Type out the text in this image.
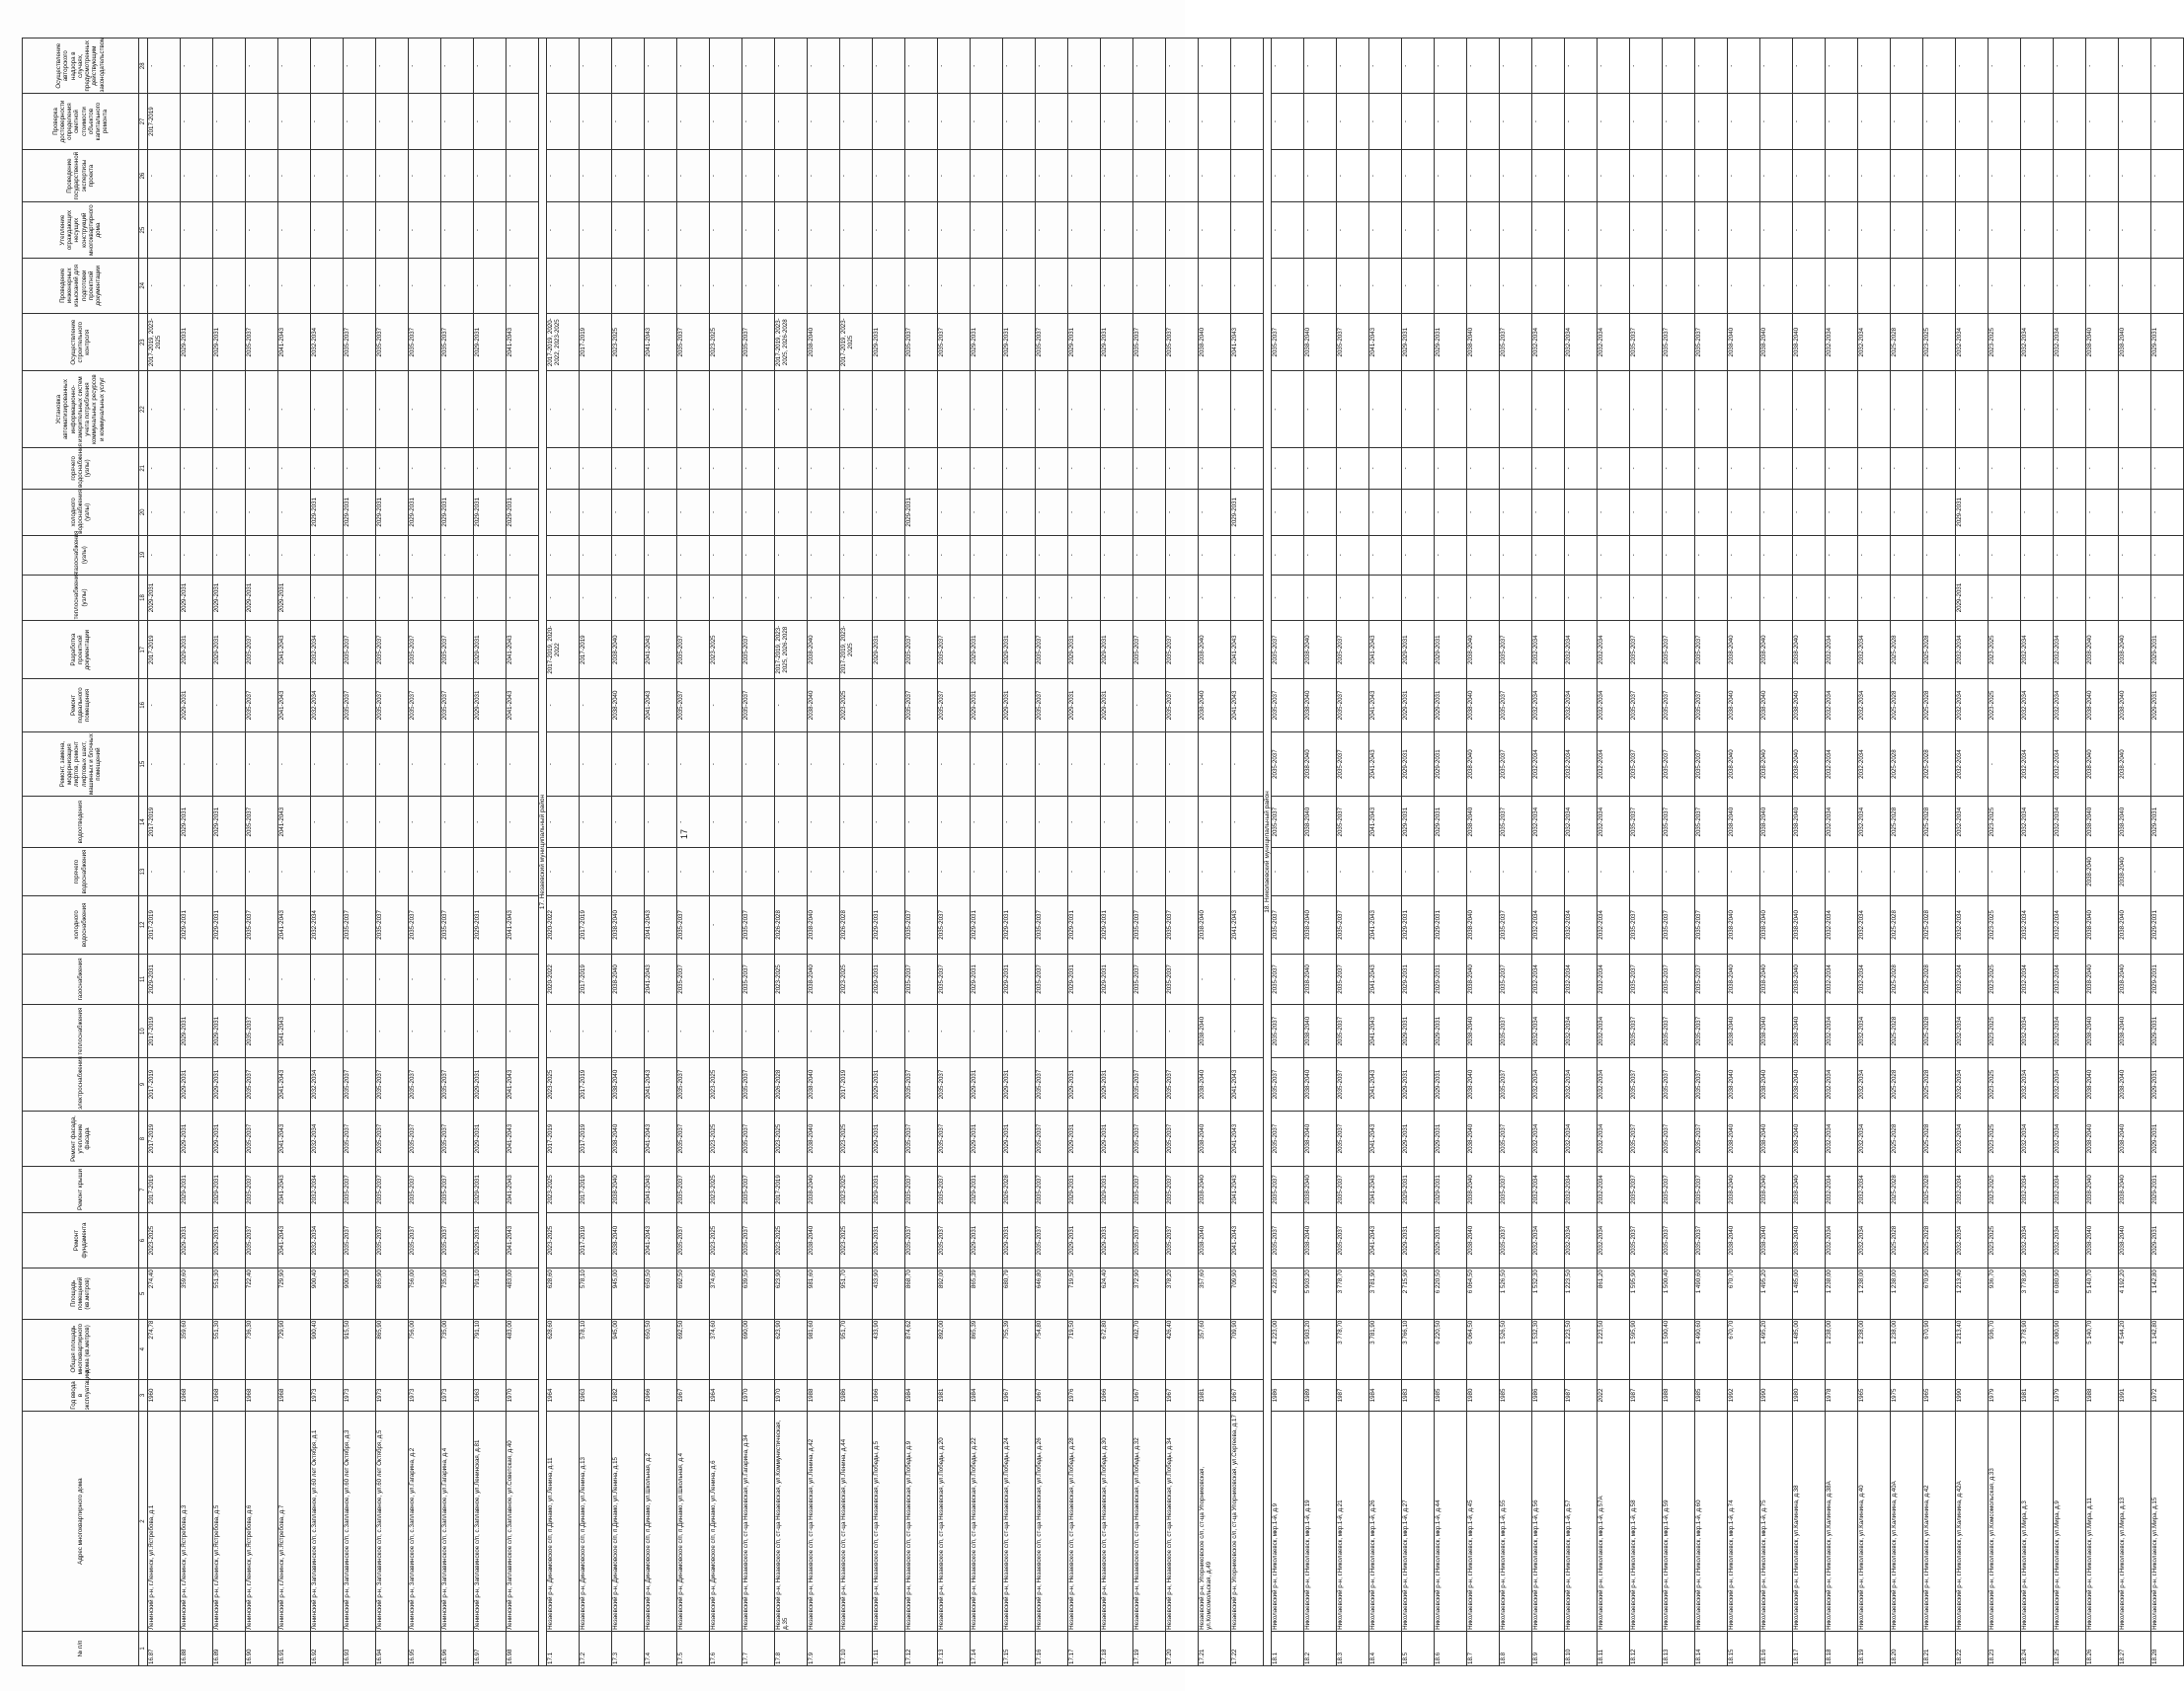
17
№ п/п	Адрес многоквартирного дома	Год ввода в эксплуатацию	Общая площадь многоквартирного дома (кв.метров)	Площадь помещений (кв.метров)	Ремонт фундамента	Ремонт крыши	Ремонт фасада, утепление фасада	электроснабжения	теплоснабжения	газоснабжения	холодного водоснабжения	горячего водоснабжения	водоотведения	Ремонт, замена, модернизация лифтов, ремонт лифтовых шахт, машинных и блочных помещений	Ремонт подвального помещения	Разработка проектной документации	теплоснабжения (узлы)	газоснабжения (узлы)	холодного водоснабжения (узлы)	горячего водоснабжения (узлы)	Установка автоматизированных информационно-измерительных систем учета потребления коммунальных ресурсов и коммунальных услуг	Осуществление строительного контроля	Проведение инженерных изысканий для подготовки проектной документации	Утепление ограждающих несущих конструкций многоквартирного дома	Проведение государственной экспертизы проекта	Проверка достоверности определения сметной стоимости объектов капитального ремонта	Осуществление авторского надзора в случаях, предусмотренных действующим законодательством
1	2	3	4	5	6	7	8	9	10	11	12	13	14	15	16	17	18	19	20	21	22	23	24	25	26	27	28
16.87	Ленинский р-н, г.Ленинск, ул.Ястребова, д.1	1960	274,78	274,40	2023-2025	2017-2019	2017-2019	2017-2019	2017-2019	2029-2031	2017-2019	-	2017-2019	-	-	2017-2019	2029-2031	-	-	-	-	2017-2019, 2023-2025	-	-	-	2017-2019	-
16.88	Ленинский р-н, г.Ленинск, ул.Ястребова, д.3	1968	359,60	359,60	2029-2031	2029-2031	2029-2031	2029-2031	2029-2031	-	2029-2031	-	2029-2031	-	2029-2031	2029-2031	2029-2031	-	-	-	-	2029-2031	-	-	-	-	-
16.89	Ленинский р-н, г.Ленинск, ул.Ястребова, д.5	1968	551,30	551,30	2029-2031	2029-2031	2029-2031	2029-2031	2029-2031	-	2029-2031	-	2029-2031	-	-	2029-2031	2029-2031	-	-	-	-	2029-2031	-	-	-	-	-
16.90	Ленинский р-н, г.Ленинск, ул.Ястребова, д.6	1968	736,30	722,40	2035-2037	2035-2037	2035-2037	2035-2037	2035-2037	-	2035-2037	-	2035-2037	-	2035-2037	2035-2037	2029-2031	-	-	-	-	2035-2037	-	-	-	-	-
16.91	Ленинский р-н, г.Ленинск, ул.Ястребова, д.7	1968	729,90	729,90	2041-2043	2041-2043	2041-2043	2041-2043	2041-2043	-	2041-2043	-	2041-2043	-	2041-2043	2041-2043	2029-2031	-	-	-	-	2041-2043	-	-	-	-	-
16.92	Ленинский р-н, Заплавинское с/п, с.Заплавное, ул.60 лет Октября, д.1	1973	900,40	900,40	2032-2034	2032-2034	2032-2034	2032-2034	-	-	2032-2034	-	-	-	2032-2034	2032-2034	-	-	2029-2031	-	-	2032-2034	-	-	-	-	-
16.93	Ленинский р-н, Заплавинское с/п, с.Заплавное, ул.60 лет Октября, д.3	1973	915,50	900,30	2035-2037	2035-2037	2035-2037	2035-2037	-	-	2035-2037	-	-	-	2035-2037	2035-2037	-	-	2029-2031	-	-	2035-2037	-	-	-	-	-
16.94	Ленинский р-н, Заплавинское с/п, с.Заплавное, ул.60 лет Октября, д.5	1973	865,90	865,90	2035-2037	2035-2037	2035-2037	2035-2037	-	-	2035-2037	-	-	-	2035-2037	2035-2037	-	-	2029-2031	-	-	2035-2037	-	-	-	-	-
16.95	Ленинский р-н, Заплавинское с/п, с.Заплавное, ул.Гагарина, д.2	1973	756,00	756,00	2035-2037	2035-2037	2035-2037	2035-2037	-	-	2035-2037	-	-	-	2035-2037	2035-2037	-	-	2029-2031	-	-	2035-2037	-	-	-	-	-
16.96	Ленинский р-н, Заплавинское с/п, с.Заплавное, ул.Гагарина, д.4	1973	735,00	735,00	2035-2037	2035-2037	2035-2037	2035-2037	-	-	2035-2037	-	-	-	2035-2037	2035-2037	-	-	2029-2031	-	-	2035-2037	-	-	-	-	-
16.97	Ленинский р-н, Заплавинское с/п, с.Заплавное, ул.Ленинская, д.81	1963	791,10	791,10	2029-2031	2029-2031	2029-2031	2029-2031	-	-	2029-2031	-	-	-	2029-2031	2029-2031	-	-	2029-2031	-	-	2029-2031	-	-	-	-	-
16.98	Ленинский р-н, Заплавинское с/п, с.Заплавное, ул.Советская, д.40	1970	483,00	483,00	2041-2043	2041-2043	2041-2043	2041-2043	-	-	2041-2043	-	-	-	2041-2043	2041-2043	-	-	2029-2031	-	-	2041-2043	-	-	-	-	-
17. Незаевский муниципальный район																											
17.1	Незаевский р-н, Динамовское с/п, п.Динамо, ул.Ленина, д.11	1964	628,60	628,60	2023-2025	2023-2025	2017-2019	2023-2025	-	2020-2022	2020-2022	-	-	-	-	2017-2019, 2020-2022	-	-	-	-	-	2017-2019, 2020-2022, 2023-2025	-	-	-	-	-
17.2	Незаевский р-н, Динамовское с/п, п.Динамо, ул.Ленина, д.13	1963	578,10	578,10	2017-2019	2017-2019	2017-2019	2017-2019	-	2017-2019	2017-2019	-	-	-	-	2017-2019	-	-	-	-	-	2017-2019	-	-	-	-	-
17.3	Незаевский р-н, Динамовское с/п, п.Динамо, ул.Ленина, д.15	1982	945,00	945,00	2038-2040	2038-2040	2038-2040	2038-2040	-	2038-2040	2038-2040	-	-	-	2038-2040	2038-2040	-	-	-	-	-	2023-2025	-	-	-	-	-
17.4	Незаевский р-н, Динамовское с/п, п.Динамо, ул.Школьная, д.2	1966	650,50	650,50	2041-2043	2041-2043	2041-2043	2041-2043	-	2041-2043	2041-2043	-	-	-	2041-2043	2041-2043	-	-	-	-	-	2041-2043	-	-	-	-	-
17.5	Незаевский р-н, Динамовское с/п, п.Динамо, ул.Школьная, д.4	1967	692,50	692,50	2035-2037	2035-2037	2035-2037	2035-2037	-	2035-2037	2035-2037	-	-	-	2035-2037	2035-2037	-	-	-	-	-	2035-2037	-	-	-	-	-
17.6	Незаевский р-н, Динамовское с/п, п.Динамо, ул.Ленина, д.6	1964	374,60	374,60	2023-2025	2023-2025	2023-2025	2023-2025	-	-	-	-	-	-	-	2023-2025	-	-	-	-	-	2023-2025	-	-	-	-	-
17.7	Незаевский р-н, Незаевское с/п, ст-ца Незаевская, ул.Гагарина, д.34	1970	690,00	639,50	2035-2037	2035-2037	2035-2037	2035-2037	-	2035-2037	2035-2037	-	-	-	2035-2037	2035-2037	-	-	-	-	-	2035-2037	-	-	-	-	-
17.8	Незаевский р-н, Незаевское с/п, ст-ца Незаевская, ул.Коммунистическая, д.35	1970	623,90	623,90	2023-2025	2017-2019	2023-2025	2026-2028	-	2023-2025	2026-2028	-	-	-	-	2017-2019, 2023-2025, 2026-2028	-	-	-	-	-	2017-2019, 2023-2025, 2026-2028	-	-	-	-	-
17.9	Незаевский р-н, Незаевское с/п, ст-ца Незаевская, ул.Ленина, д.42	1988	981,60	981,60	2038-2040	2038-2040	2038-2040	2038-2040	-	2038-2040	2038-2040	-	-	-	2038-2040	2038-2040	-	-	-	-	-	2038-2040	-	-	-	-	-
17.10	Незаевский р-н, Незаевское с/п, ст-ца Незаевская, ул.Ленина, д.44	1986	951,70	951,70	2023-2025	2023-2025	2023-2025	2017-2019	-	2023-2025	2026-2028	-	-	-	2023-2025	2017-2019, 2023-2025	-	-	-	-	-	2017-2019, 2023-2025	-	-	-	-	-
17.11	Незаевский р-н, Незаевское с/п, ст-ца Незаевская, ул.Победы, д.5	1966	433,90	433,90	2029-2031	2029-2031	2029-2031	2029-2031	-	2029-2031	2029-2031	-	-	-	-	2029-2031	-	-	-	-	-	2029-2031	-	-	-	-	-
17.12	Незаевский р-н, Незаевское с/п, ст-ца Незаевская, ул.Победы, д.9	1984	874,62	868,70	2035-2037	2035-2037	2035-2037	2035-2037	-	2035-2037	2035-2037	-	-	-	2035-2037	2035-2037	-	-	2029-2031	-	-	2035-2037	-	-	-	-	-
17.13	Незаевский р-н, Незаевское с/п, ст-ца Незаевская, ул.Победы, д.20	1981	892,00	892,00	2035-2037	2035-2037	2035-2037	2035-2037	-	2035-2037	2035-2037	-	-	-	2035-2037	2035-2037	-	-	-	-	-	2035-2037	-	-	-	-	-
17.14	Незаевский р-н, Незаевское с/п, ст-ца Незаевская, ул.Победы, д.22	1984	865,39	865,39	2029-2031	2029-2031	2029-2031	2029-2031	-	2029-2031	2029-2031	-	-	-	2029-2031	2029-2031	-	-	-	-	-	2029-2031	-	-	-	-	-
17.15	Незаевский р-н, Незаевское с/п, ст-ца Незаевская, ул.Победы, д.24	1967	755,39	680,79	2029-2031	2026-2028	2029-2031	2029-2031	-	2029-2031	2029-2031	-	-	-	2029-2031	2029-2031	-	-	-	-	-	2029-2031	-	-	-	-	-
17.16	Незаевский р-н, Незаевское с/п, ст-ца Незаевская, ул.Победы, д.26	1967	754,80	646,80	2035-2037	2035-2037	2035-2037	2035-2037	-	2035-2037	2035-2037	-	-	-	2035-2037	2035-2037	-	-	-	-	-	2035-2037	-	-	-	-	-
17.17	Незаевский р-н, Незаевское с/п, ст-ца Незаевская, ул.Победы, д.28	1976	719,50	719,50	2029-2031	2029-2031	2029-2031	2029-2031	-	2029-2031	2029-2031	-	-	-	2029-2031	2029-2031	-	-	-	-	-	2029-2031	-	-	-	-	-
17.18	Незаевский р-н, Незаевское с/п, ст-ца Незаевская, ул.Победы, д.30	1966	672,80	624,40	2029-2031	2029-2031	2029-2031	2029-2031	-	2029-2031	2029-2031	-	-	-	2029-2031	2029-2031	-	-	-	-	-	2029-2031	-	-	-	-	-
17.19	Незаевский р-н, Незаевское с/п, ст-ца Незаевская, ул.Победы, д.32	1967	402,70	372,90	2035-2037	2035-2037	2035-2037	2035-2037	-	2035-2037	2035-2037	-	-	-	-	2035-2037	-	-	-	-	-	2035-2037	-	-	-	-	-
17.20	Незаевский р-н, Незаевское с/п, ст-ца Незаевская, ул.Победы, д.34	1967	426,40	378,20	2035-2037	2035-2037	2035-2037	2035-2037	-	2035-2037	2035-2037	-	-	-	2035-2037	2035-2037	-	-	-	-	-	2035-2037	-	-	-	-	-
17.21	Незаевский р-н, Упорниковское с/п, ст-ца Упорниковская, ул.Комсомольская, д.49	1981	357,60	357,60	2038-2040	2038-2040	2038-2040	2038-2040	2038-2040	-	2038-2040	-	-	-	2038-2040	2038-2040	-	-	-	-	-	2038-2040	-	-	-	-	-
17.22	Незаевский р-н, Упорниковское с/п, ст-ца Упорниковская, ул.Сергеева, д.17	1967	709,90	709,90	2041-2043	2041-2043	2041-2043	2041-2043	-	-	2041-2043	-	-	-	2041-2043	2041-2043	-	-	2029-2031	-	-	2041-2043	-	-	-	-	-
18. Николаевский муниципальный район																											
18.1	Николаевский р-н, г.Николаевск, мкр.1-й, д.9	1986	4 223,00	4 223,00	2035-2037	2035-2037	2035-2037	2035-2037	2035-2037	2035-2037	2035-2037	-	2035-2037	2035-2037	2035-2037	2035-2037	-	-	-	-	-	2035-2037	-	-	-	-	-
18.2	Николаевский р-н, г.Николаевск, мкр.1-й, д.19	1989	5 903,20	5 903,20	2038-2040	2038-2040	2038-2040	2038-2040	2038-2040	2038-2040	2038-2040	-	2038-2040	2038-2040	2038-2040	2038-2040	-	-	-	-	-	2038-2040	-	-	-	-	-
18.3	Николаевский р-н, г.Николаевск, мкр.1-й, д.21	1987	3 778,70	3 778,70	2035-2037	2035-2037	2035-2037	2035-2037	2035-2037	2035-2037	2035-2037	-	2035-2037	2035-2037	2035-2037	2035-2037	-	-	-	-	-	2035-2037	-	-	-	-	-
18.4	Николаевский р-н, г.Николаевск, мкр.1-й, д.26	1984	3 781,90	3 781,90	2041-2043	2041-2043	2041-2043	2041-2043	2041-2043	2041-2043	2041-2043	-	2041-2043	2041-2043	2041-2043	2041-2043	-	-	-	-	-	2041-2043	-	-	-	-	-
18.5	Николаевский р-н, г.Николаевск, мкр.1-й, д.27	1983	3 766,10	2 715,90	2029-2031	2029-2031	2029-2031	2029-2031	2029-2031	2029-2031	2029-2031	-	2029-2031	2029-2031	2029-2031	2029-2031	-	-	-	-	-	2029-2031	-	-	-	-	-
18.6	Николаевский р-н, г.Николаевск, мкр.1-й, д.44	1985	6 220,50	6 220,50	2029-2031	2029-2031	2029-2031	2029-2031	2029-2031	2029-2031	2029-2031	-	2029-2031	2029-2031	2029-2031	2029-2031	-	-	-	-	-	2029-2031	-	-	-	-	-
18.7	Николаевский р-н, г.Николаевск, мкр.1-й, д.45	1980	6 064,50	6 064,50	2038-2040	2038-2040	2038-2040	2038-2040	2038-2040	2038-2040	2038-2040	-	2038-2040	2038-2040	2038-2040	2038-2040	-	-	-	-	-	2038-2040	-	-	-	-	-
18.8	Николаевский р-н, г.Николаевск, мкр.1-й, д.55	1985	1 526,50	1 526,50	2035-2037	2035-2037	2035-2037	2035-2037	2035-2037	2035-2037	2035-2037	-	2035-2037	2035-2037	2035-2037	2035-2037	-	-	-	-	-	2035-2037	-	-	-	-	-
18.9	Николаевский р-н, г.Николаевск, мкр.1-й, д.56	1986	1 532,30	1 532,30	2032-2034	2032-2034	2032-2034	2032-2034	2032-2034	2032-2034	2032-2034	-	2032-2034	2032-2034	2032-2034	2032-2034	-	-	-	-	-	2032-2034	-	-	-	-	-
18.10	Николаевский р-н, г.Николаевск, мкр.1-й, д.57	1987	1 223,50	1 223,50	2032-2034	2032-2034	2032-2034	2032-2034	2032-2034	2032-2034	2032-2034	-	2032-2034	2032-2034	2032-2034	2032-2034	-	-	-	-	-	2032-2034	-	-	-	-	-
18.11	Николаевский р-н, г.Николаевск, мкр.1-й, д.57А	2022	1 223,50	861,20	2032-2034	2032-2034	2032-2034	2032-2034	2032-2034	2032-2034	2032-2034	-	2032-2034	2032-2034	2032-2034	2032-2034	-	-	-	-	-	2032-2034	-	-	-	-	-
18.12	Николаевский р-н, г.Николаевск, мкр.1-й, д.58	1987	1 595,90	1 595,90	2035-2037	2035-2037	2035-2037	2035-2037	2035-2037	2035-2037	2035-2037	-	2035-2037	2035-2037	2035-2037	2035-2037	-	-	-	-	-	2035-2037	-	-	-	-	-
18.13	Николаевский р-н, г.Николаевск, мкр.1-й, д.59	1988	1 500,40	1 500,40	2035-2037	2035-2037	2035-2037	2035-2037	2035-2037	2035-2037	2035-2037	-	2035-2037	2035-2037	2035-2037	2035-2037	-	-	-	-	-	2035-2037	-	-	-	-	-
18.14	Николаевский р-н, г.Николаевск, мкр.1-й, д.60	1985	1 490,60	1 490,60	2035-2037	2035-2037	2035-2037	2035-2037	2035-2037	2035-2037	2035-2037	-	2035-2037	2035-2037	2035-2037	2035-2037	-	-	-	-	-	2035-2037	-	-	-	-	-
18.15	Николаевский р-н, г.Николаевск, мкр.1-й, д.74	1992	670,70	670,70	2038-2040	2038-2040	2038-2040	2038-2040	2038-2040	2038-2040	2038-2040	-	2038-2040	2038-2040	2038-2040	2038-2040	-	-	-	-	-	2038-2040	-	-	-	-	-
18.16	Николаевский р-н, г.Николаевск, мкр.1-й, д.75	1990	1 495,20	1 495,20	2038-2040	2038-2040	2038-2040	2038-2040	2038-2040	2038-2040	2038-2040	-	2038-2040	2038-2040	2038-2040	2038-2040	-	-	-	-	-	2038-2040	-	-	-	-	-
18.17	Николаевский р-н, г.Николаевск, ул.Калинина, д.38	1980	1 485,00	1 485,00	2038-2040	2038-2040	2038-2040	2038-2040	2038-2040	2038-2040	2038-2040	-	2038-2040	2038-2040	2038-2040	2038-2040	-	-	-	-	-	2038-2040	-	-	-	-	-
18.18	Николаевский р-н, г.Николаевск, ул.Калинина, д.38А	1978	1 238,00	1 238,00	2032-2034	2032-2034	2032-2034	2032-2034	2032-2034	2032-2034	2032-2034	-	2032-2034	2032-2034	2032-2034	2032-2034	-	-	-	-	-	2032-2034	-	-	-	-	-
18.19	Николаевский р-н, г.Николаевск, ул.Калинина, д.40	1965	1 238,00	1 238,00	2032-2034	2032-2034	2032-2034	2032-2034	2032-2034	2032-2034	2032-2034	-	2032-2034	2032-2034	2032-2034	2032-2034	-	-	-	-	-	2032-2034	-	-	-	-	-
18.20	Николаевский р-н, г.Николаевск, ул.Калинина, д.40А	1975	1 238,00	1 238,00	2025-2028	2025-2028	2025-2028	2025-2028	2025-2028	2025-2028	2025-2028	-	2025-2028	2025-2028	2025-2028	2025-2028	-	-	-	-	-	2025-2028	-	-	-	-	-
18.21	Николаевский р-н, г.Николаевск, ул.Калинина, д.42	1965	670,90	670,90	2025-2028	2025-2028	2025-2028	2025-2028	2025-2028	2025-2028	2025-2028	-	2025-2028	2025-2028	2025-2028	2025-2028	-	-	-	-	-	2023-2025	-	-	-	-	-
18.22	Николаевский р-н, г.Николаевск, ул.Калинина, д.42А	1990	1 213,40	1 213,40	2032-2034	2032-2034	2032-2034	2032-2034	2032-2034	2032-2034	2032-2034	-	2032-2034	2032-2034	2032-2034	2032-2034	2029-2031	-	2029-2031	-	-	2032-2034	-	-	-	-	-
18.23	Николаевский р-н, г.Николаевск, ул.Комсомольская, д.33	1979	936,70	936,70	2023-2025	2023-2025	2023-2025	2023-2025	2023-2025	2023-2025	2023-2025	-	2023-2025	-	2023-2025	2023-2025	-	-	-	-	-	2023-2025	-	-	-	-	-
18.24	Николаевский р-н, г.Николаевск, ул.Мира, д.3	1981	3 778,90	3 778,90	2032-2034	2032-2034	2032-2034	2032-2034	2032-2034	2032-2034	2032-2034	-	2032-2034	2032-2034	2032-2034	2032-2034	-	-	-	-	-	2032-2034	-	-	-	-	-
18.25	Николаевский р-н, г.Николаевск, ул.Мира, д.9	1979	6 080,90	6 080,90	2032-2034	2032-2034	2032-2034	2032-2034	2032-2034	2032-2034	2032-2034	-	2032-2034	2032-2034	2032-2034	2032-2034	-	-	-	-	-	2032-2034	-	-	-	-	-
18.26	Николаевский р-н, г.Николаевск, ул.Мира, д.11	1988	5 140,70	5 140,70	2038-2040	2038-2040	2038-2040	2038-2040	2038-2040	2038-2040	2038-2040	2038-2040	2038-2040	2038-2040	2038-2040	2038-2040	-	-	-	-	-	2038-2040	-	-	-	-	-
18.27	Николаевский р-н, г.Николаевск, ул.Мира, д.13	1991	4 544,20	4 192,20	2038-2040	2038-2040	2038-2040	2038-2040	2038-2040	2038-2040	2038-2040	2038-2040	2038-2040	2038-2040	2038-2040	2038-2040	-	-	-	-	-	2038-2040	-	-	-	-	-
18.28	Николаевский р-н, г.Николаевск, ул.Мира, д.15	1972	1 142,80	1 142,80	2029-2031	2029-2031	2029-2031	2029-2031	2029-2031	2029-2031	2029-2031	-	2029-2031	-	2029-2031	2029-2031	-	-	-	-	-	2029-2031	-	-	-	-	-
